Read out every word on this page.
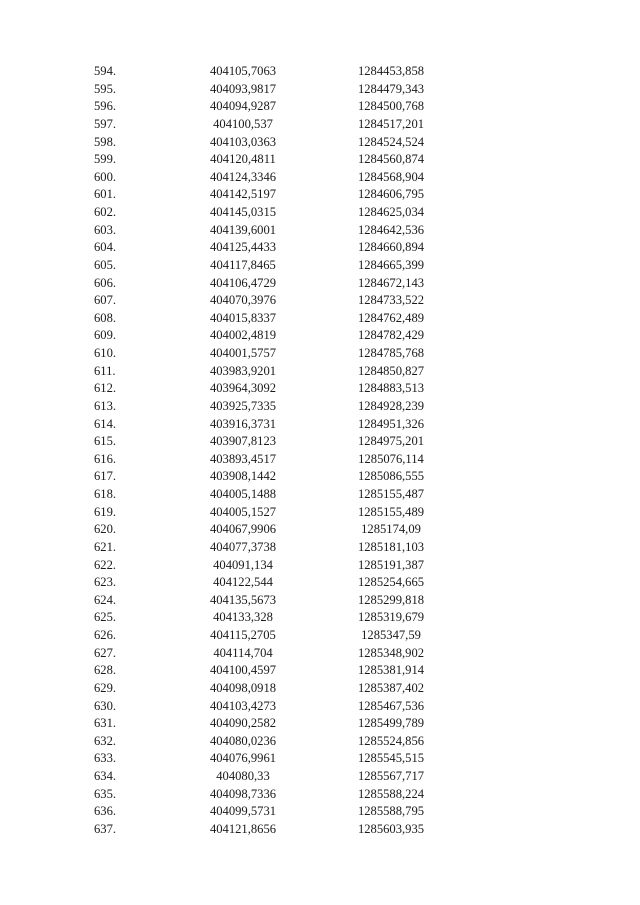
594.	404105,7063	1284453,858
595.	404093,9817	1284479,343
596.	404094,9287	1284500,768
597.	404100,537	1284517,201
598.	404103,0363	1284524,524
599.	404120,4811	1284560,874
600.	404124,3346	1284568,904
601.	404142,5197	1284606,795
602.	404145,0315	1284625,034
603.	404139,6001	1284642,536
604.	404125,4433	1284660,894
605.	404117,8465	1284665,399
606.	404106,4729	1284672,143
607.	404070,3976	1284733,522
608.	404015,8337	1284762,489
609.	404002,4819	1284782,429
610.	404001,5757	1284785,768
611.	403983,9201	1284850,827
612.	403964,3092	1284883,513
613.	403925,7335	1284928,239
614.	403916,3731	1284951,326
615.	403907,8123	1284975,201
616.	403893,4517	1285076,114
617.	403908,1442	1285086,555
618.	404005,1488	1285155,487
619.	404005,1527	1285155,489
620.	404067,9906	1285174,09
621.	404077,3738	1285181,103
622.	404091,134	1285191,387
623.	404122,544	1285254,665
624.	404135,5673	1285299,818
625.	404133,328	1285319,679
626.	404115,2705	1285347,59
627.	404114,704	1285348,902
628.	404100,4597	1285381,914
629.	404098,0918	1285387,402
630.	404103,4273	1285467,536
631.	404090,2582	1285499,789
632.	404080,0236	1285524,856
633.	404076,9961	1285545,515
634.	404080,33	1285567,717
635.	404098,7336	1285588,224
636.	404099,5731	1285588,795
637.	404121,8656	1285603,935
